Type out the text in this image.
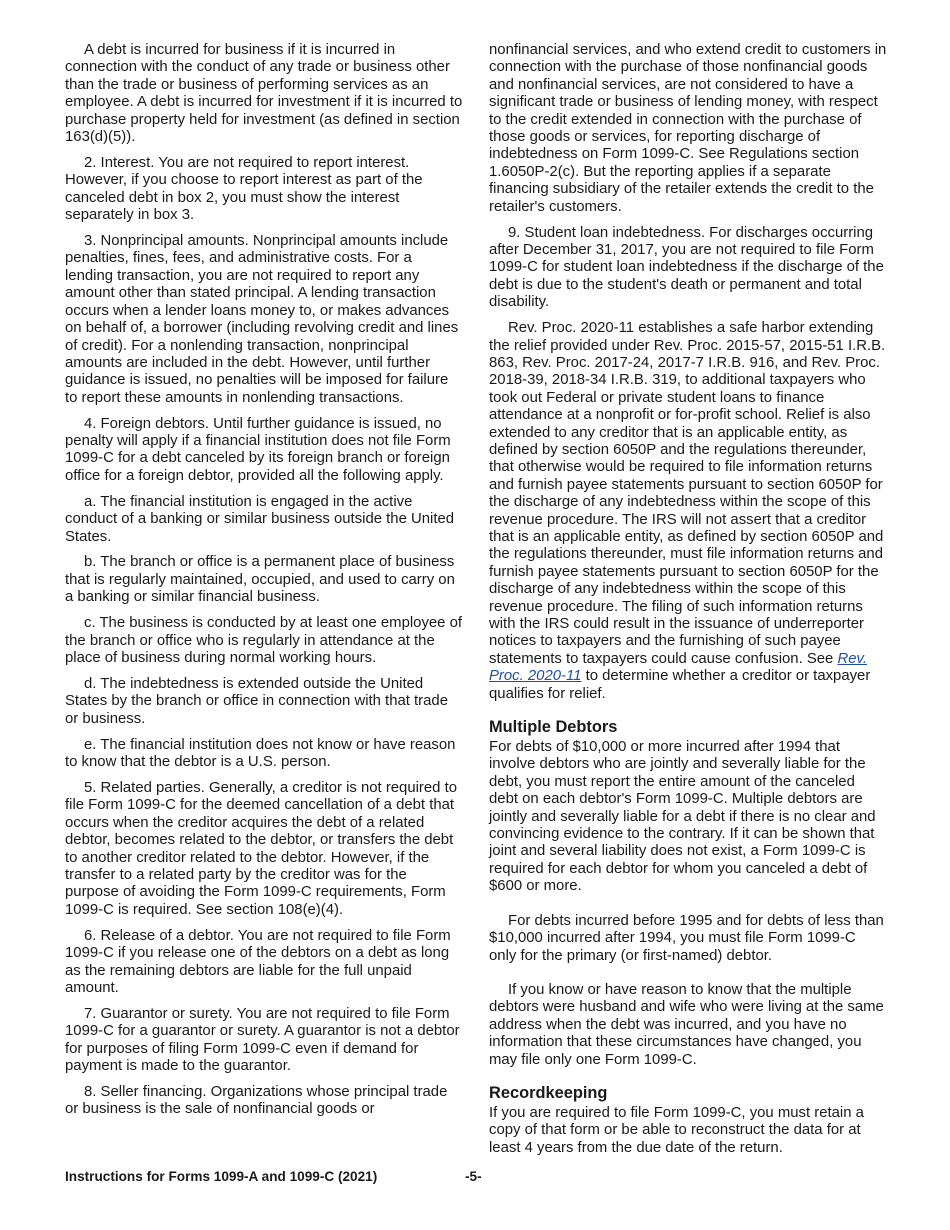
A debt is incurred for business if it is incurred in connection with the conduct of any trade or business other than the trade or business of performing services as an employee. A debt is incurred for investment if it is incurred to purchase property held for investment (as defined in section 163(d)(5)).

2. Interest. You are not required to report interest. However, if you choose to report interest as part of the canceled debt in box 2, you must show the interest separately in box 3.

3. Nonprincipal amounts. Nonprincipal amounts include penalties, fines, fees, and administrative costs. For a lending transaction, you are not required to report any amount other than stated principal. A lending transaction occurs when a lender loans money to, or makes advances on behalf of, a borrower (including revolving credit and lines of credit). For a nonlending transaction, nonprincipal amounts are included in the debt. However, until further guidance is issued, no penalties will be imposed for failure to report these amounts in nonlending transactions.

4. Foreign debtors. Until further guidance is issued, no penalty will apply if a financial institution does not file Form 1099-C for a debt canceled by its foreign branch or foreign office for a foreign debtor, provided all the following apply.

a. The financial institution is engaged in the active conduct of a banking or similar business outside the United States.

b. The branch or office is a permanent place of business that is regularly maintained, occupied, and used to carry on a banking or similar financial business.

c. The business is conducted by at least one employee of the branch or office who is regularly in attendance at the place of business during normal working hours.

d. The indebtedness is extended outside the United States by the branch or office in connection with that trade or business.

e. The financial institution does not know or have reason to know that the debtor is a U.S. person.

5. Related parties. Generally, a creditor is not required to file Form 1099-C for the deemed cancellation of a debt that occurs when the creditor acquires the debt of a related debtor, becomes related to the debtor, or transfers the debt to another creditor related to the debtor. However, if the transfer to a related party by the creditor was for the purpose of avoiding the Form 1099-C requirements, Form 1099-C is required. See section 108(e)(4).

6. Release of a debtor. You are not required to file Form 1099-C if you release one of the debtors on a debt as long as the remaining debtors are liable for the full unpaid amount.

7. Guarantor or surety. You are not required to file Form 1099-C for a guarantor or surety. A guarantor is not a debtor for purposes of filing Form 1099-C even if demand for payment is made to the guarantor.

8. Seller financing. Organizations whose principal trade or business is the sale of nonfinancial goods or

nonfinancial services, and who extend credit to customers in connection with the purchase of those nonfinancial goods and nonfinancial services, are not considered to have a significant trade or business of lending money, with respect to the credit extended in connection with the purchase of those goods or services, for reporting discharge of indebtedness on Form 1099-C. See Regulations section 1.6050P-2(c). But the reporting applies if a separate financing subsidiary of the retailer extends the credit to the retailer's customers.

9. Student loan indebtedness. For discharges occurring after December 31, 2017, you are not required to file Form 1099-C for student loan indebtedness if the discharge of the debt is due to the student's death or permanent and total disability.

Rev. Proc. 2020-11 establishes a safe harbor extending the relief provided under Rev. Proc. 2015-57, 2015-51 I.R.B. 863, Rev. Proc. 2017-24, 2017-7 I.R.B. 916, and Rev. Proc. 2018-39, 2018-34 I.R.B. 319, to additional taxpayers who took out Federal or private student loans to finance attendance at a nonprofit or for-profit school. Relief is also extended to any creditor that is an applicable entity, as defined by section 6050P and the regulations thereunder, that otherwise would be required to file information returns and furnish payee statements pursuant to section 6050P for the discharge of any indebtedness within the scope of this revenue procedure. The IRS will not assert that a creditor that is an applicable entity, as defined by section 6050P and the regulations thereunder, must file information returns and furnish payee statements pursuant to section 6050P for the discharge of any indebtedness within the scope of this revenue procedure. The filing of such information returns with the IRS could result in the issuance of underreporter notices to taxpayers and the furnishing of such payee statements to taxpayers could cause confusion. See Rev. Proc. 2020-11 to determine whether a creditor or taxpayer qualifies for relief.

Multiple Debtors

For debts of $10,000 or more incurred after 1994 that involve debtors who are jointly and severally liable for the debt, you must report the entire amount of the canceled debt on each debtor's Form 1099-C. Multiple debtors are jointly and severally liable for a debt if there is no clear and convincing evidence to the contrary. If it can be shown that joint and several liability does not exist, a Form 1099-C is required for each debtor for whom you canceled a debt of $600 or more.

For debts incurred before 1995 and for debts of less than $10,000 incurred after 1994, you must file Form 1099-C only for the primary (or first-named) debtor.

If you know or have reason to know that the multiple debtors were husband and wife who were living at the same address when the debt was incurred, and you have no information that these circumstances have changed, you may file only one Form 1099-C.

Recordkeeping

If you are required to file Form 1099-C, you must retain a copy of that form or be able to reconstruct the data for at least 4 years from the due date of the return.

Instructions for Forms 1099-A and 1099-C (2021)	-5-
